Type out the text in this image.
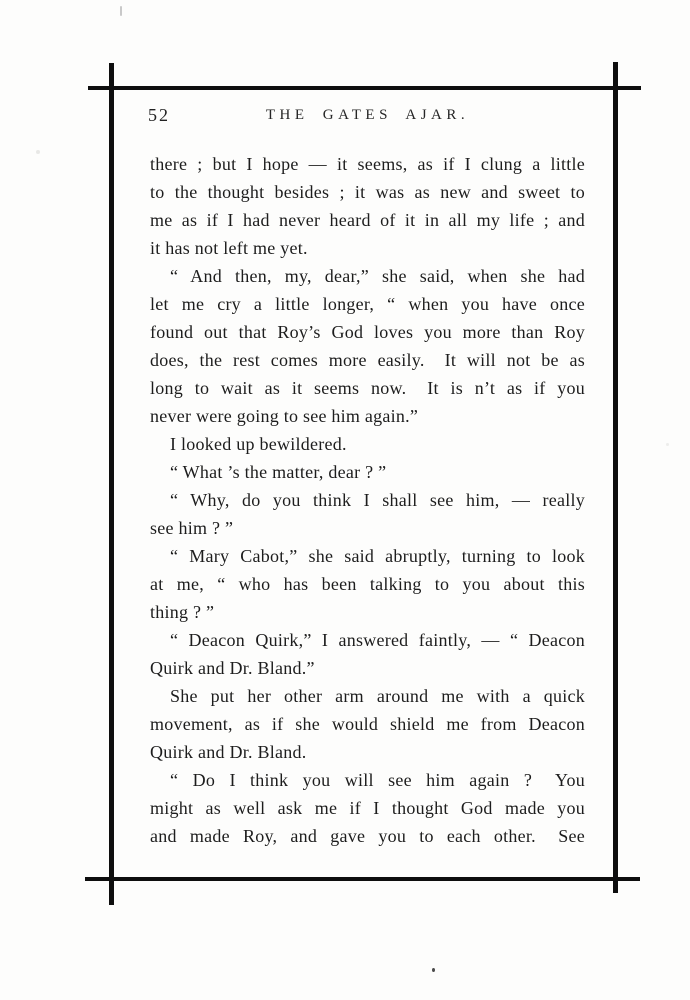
52	THE GATES AJAR.
there ; but I hope — it seems, as if I clung a little
to the thought besides ; it was as new and sweet to
me as if I had never heard of it in all my life ; and
it has not left me yet.
“ And then, my, dear,” she said, when she had
let me cry a little longer, “ when you have once
found out that Roy’s God loves you more than Roy
does, the rest comes more easily.  It will not be as
long to wait as it seems now.  It is n’t as if you
never were going to see him again.”
I looked up bewildered.
“ What ’s the matter, dear ? ”
“ Why, do you think I shall see him, — really
see him ? ”
“ Mary Cabot,” she said abruptly, turning to look
at me, “ who has been talking to you about this
thing ? ”
“ Deacon Quirk,” I answered faintly, — “ Deacon
Quirk and Dr. Bland.”
She put her other arm around me with a quick
movement, as if she would shield me from Deacon
Quirk and Dr. Bland.
“ Do I think you will see him again ?  You
might as well ask me if I thought God made you
and made Roy, and gave you to each other.  See
